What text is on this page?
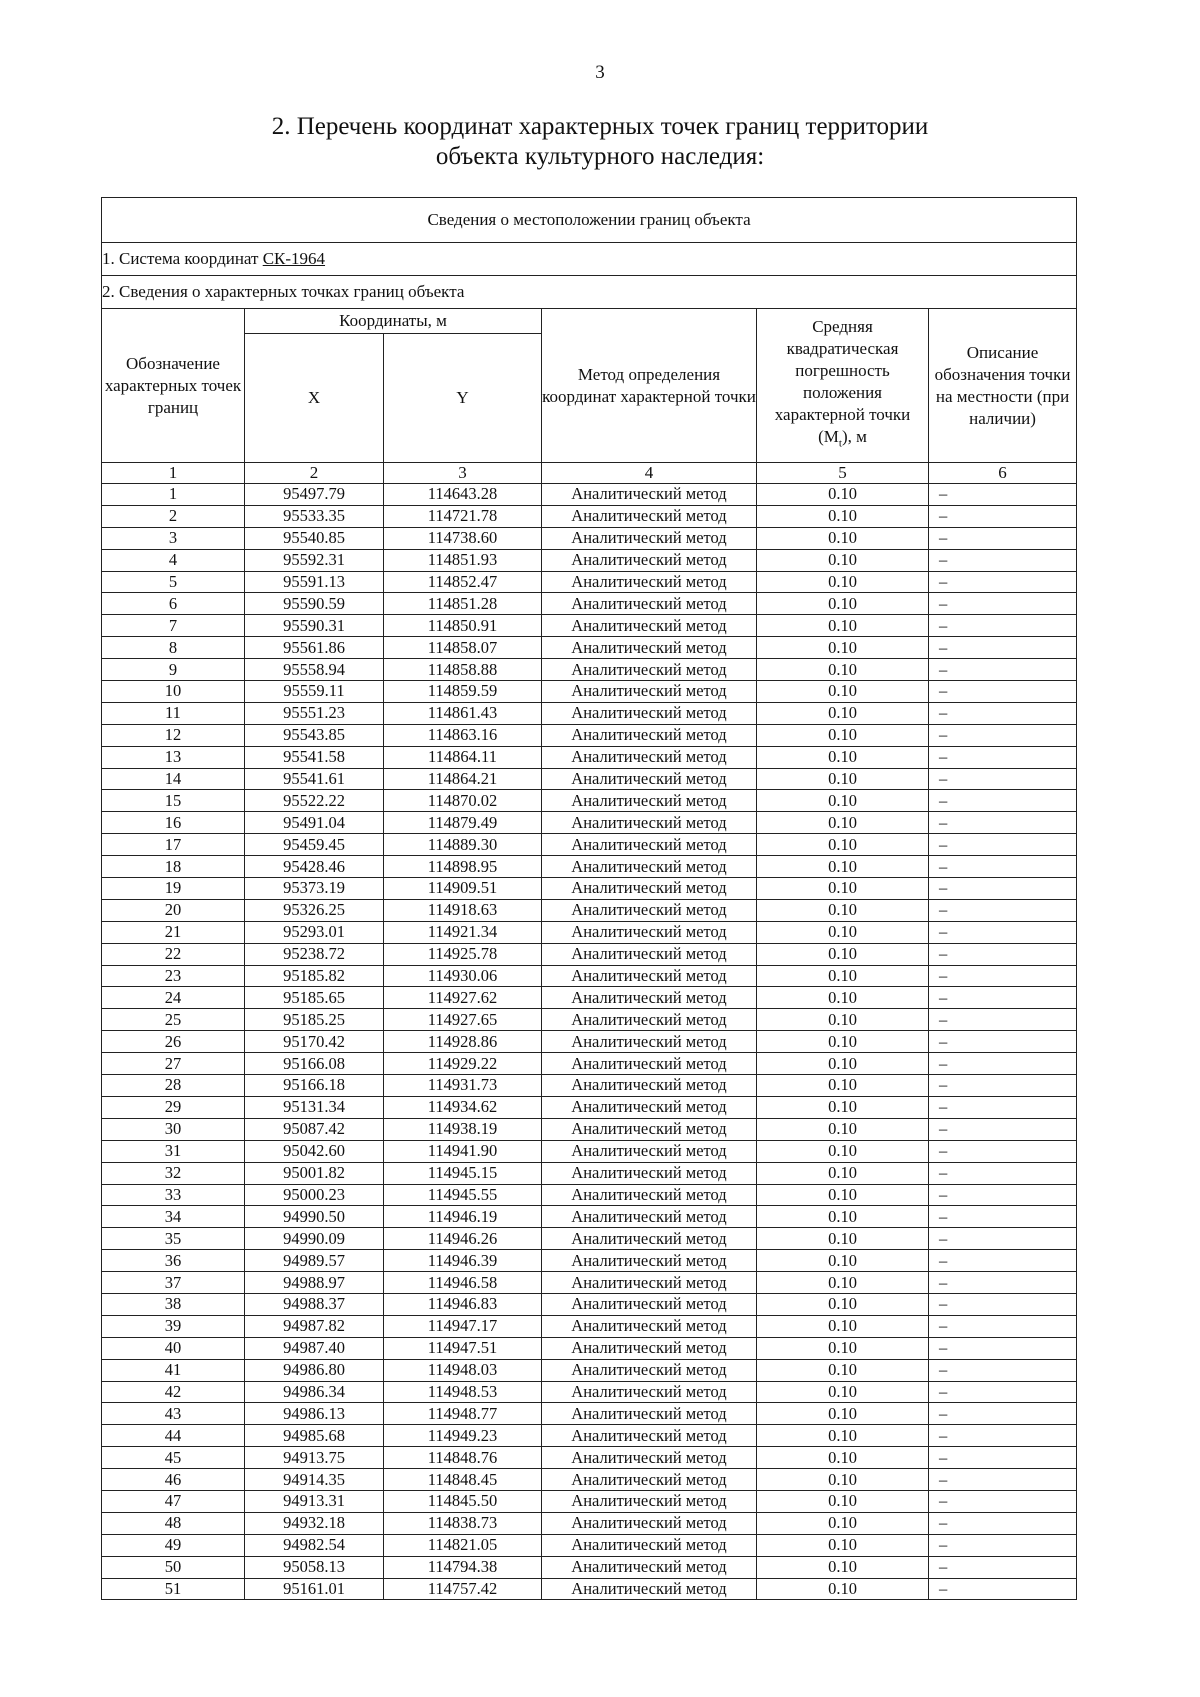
3
2. Перечень координат характерных точек границ территории
объекта культурного наследия:
Сведения о местоположении границ объекта					
1. Система координат СК-1964					
2. Сведения о характерных точках границ объекта					
Обозначение характерных точек границ	Координаты, м		Метод определения координат характерной точки	Средняя квадратическая погрешность положения характерной точки $(M_t)$, м	Описание обозначения точки на местности (при наличии)
	X	Y			
1	2	3	4	5	6
1	95497.79	114643.28	Аналитический метод	0.10	–
2	95533.35	114721.78	Аналитический метод	0.10	–
3	95540.85	114738.60	Аналитический метод	0.10	–
4	95592.31	114851.93	Аналитический метод	0.10	–
5	95591.13	114852.47	Аналитический метод	0.10	–
6	95590.59	114851.28	Аналитический метод	0.10	–
7	95590.31	114850.91	Аналитический метод	0.10	–
8	95561.86	114858.07	Аналитический метод	0.10	–
9	95558.94	114858.88	Аналитический метод	0.10	–
10	95559.11	114859.59	Аналитический метод	0.10	–
11	95551.23	114861.43	Аналитический метод	0.10	–
12	95543.85	114863.16	Аналитический метод	0.10	–
13	95541.58	114864.11	Аналитический метод	0.10	–
14	95541.61	114864.21	Аналитический метод	0.10	–
15	95522.22	114870.02	Аналитический метод	0.10	–
16	95491.04	114879.49	Аналитический метод	0.10	–
17	95459.45	114889.30	Аналитический метод	0.10	–
18	95428.46	114898.95	Аналитический метод	0.10	–
19	95373.19	114909.51	Аналитический метод	0.10	–
20	95326.25	114918.63	Аналитический метод	0.10	–
21	95293.01	114921.34	Аналитический метод	0.10	–
22	95238.72	114925.78	Аналитический метод	0.10	–
23	95185.82	114930.06	Аналитический метод	0.10	–
24	95185.65	114927.62	Аналитический метод	0.10	–
25	95185.25	114927.65	Аналитический метод	0.10	–
26	95170.42	114928.86	Аналитический метод	0.10	–
27	95166.08	114929.22	Аналитический метод	0.10	–
28	95166.18	114931.73	Аналитический метод	0.10	–
29	95131.34	114934.62	Аналитический метод	0.10	–
30	95087.42	114938.19	Аналитический метод	0.10	–
31	95042.60	114941.90	Аналитический метод	0.10	–
32	95001.82	114945.15	Аналитический метод	0.10	–
33	95000.23	114945.55	Аналитический метод	0.10	–
34	94990.50	114946.19	Аналитический метод	0.10	–
35	94990.09	114946.26	Аналитический метод	0.10	–
36	94989.57	114946.39	Аналитический метод	0.10	–
37	94988.97	114946.58	Аналитический метод	0.10	–
38	94988.37	114946.83	Аналитический метод	0.10	–
39	94987.82	114947.17	Аналитический метод	0.10	–
40	94987.40	114947.51	Аналитический метод	0.10	–
41	94986.80	114948.03	Аналитический метод	0.10	–
42	94986.34	114948.53	Аналитический метод	0.10	–
43	94986.13	114948.77	Аналитический метод	0.10	–
44	94985.68	114949.23	Аналитический метод	0.10	–
45	94913.75	114848.76	Аналитический метод	0.10	–
46	94914.35	114848.45	Аналитический метод	0.10	–
47	94913.31	114845.50	Аналитический метод	0.10	–
48	94932.18	114838.73	Аналитический метод	0.10	–
49	94982.54	114821.05	Аналитический метод	0.10	–
50	95058.13	114794.38	Аналитический метод	0.10	–
51	95161.01	114757.42	Аналитический метод	0.10	–
